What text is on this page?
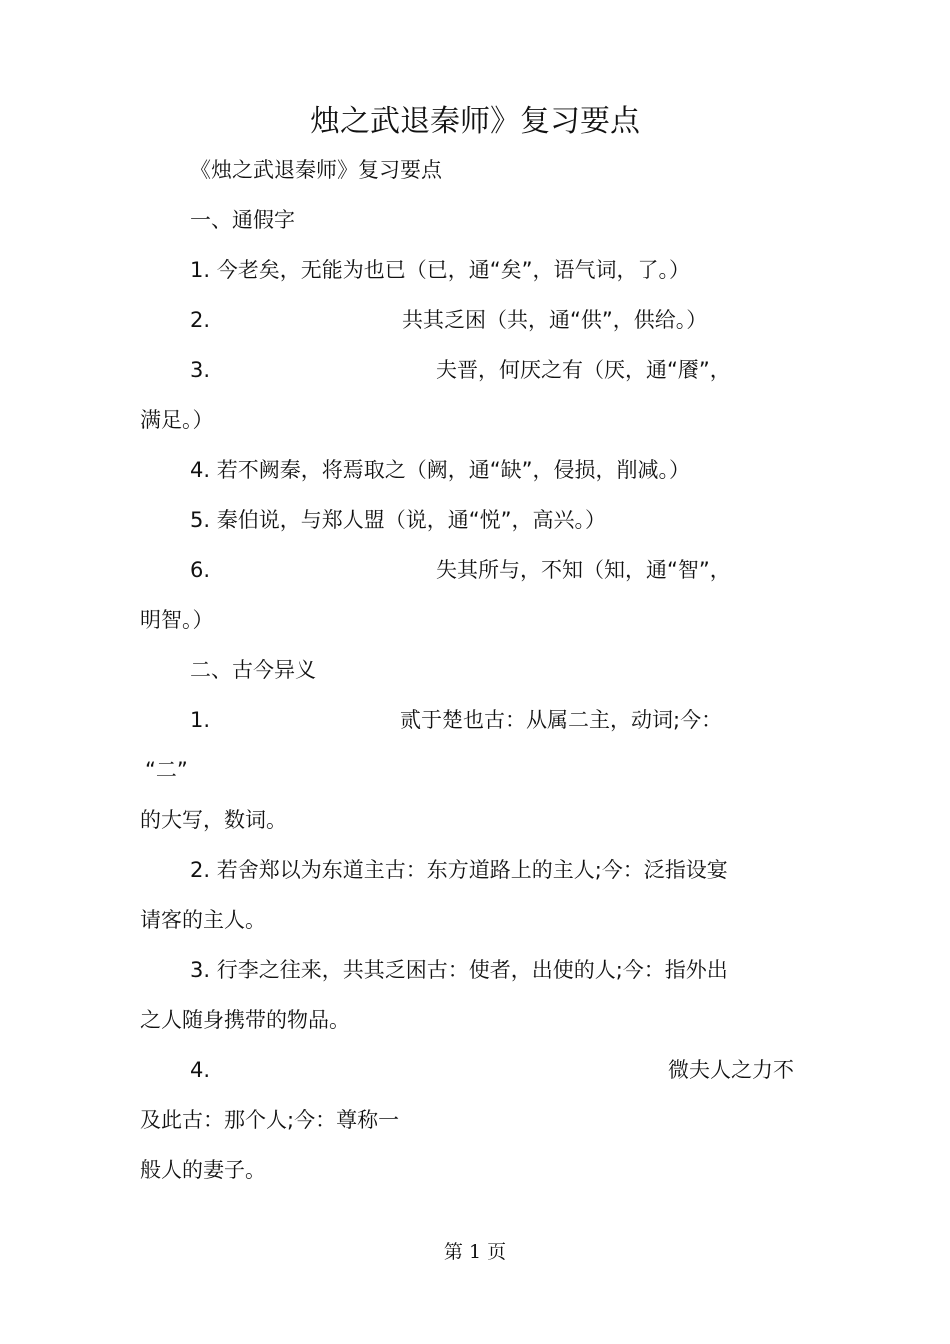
烛之武退秦师》复习要点
《烛之武退秦师》复习要点
一、通假字
1. 今老矣，无能为也已（已，通“矣”，语气词，了。）
2.	共其乏困（共，通“供”，供给。）
3.	夫晋，何厌之有（厌，通“餍”，
满足。）
4. 若不阙秦，将焉取之（阙，通“缺”，侵损，削减。）
5. 秦伯说，与郑人盟（说，通“悦”，高兴。）
6.	失其所与，不知（知，通“智”，
明智。）
二、古今异义
1.	贰于楚也古：从属二主，动词;今：
“二”
的大写，数词。
2. 若舍郑以为东道主古：东方道路上的主人;今：泛指设宴
请客的主人。
3. 行李之往来，共其乏困古：使者，出使的人;今：指外出
之人随身携带的物品。
4.	微夫人之力不
及此古：那个人;今：尊称一
般人的妻子。
第 1 页
